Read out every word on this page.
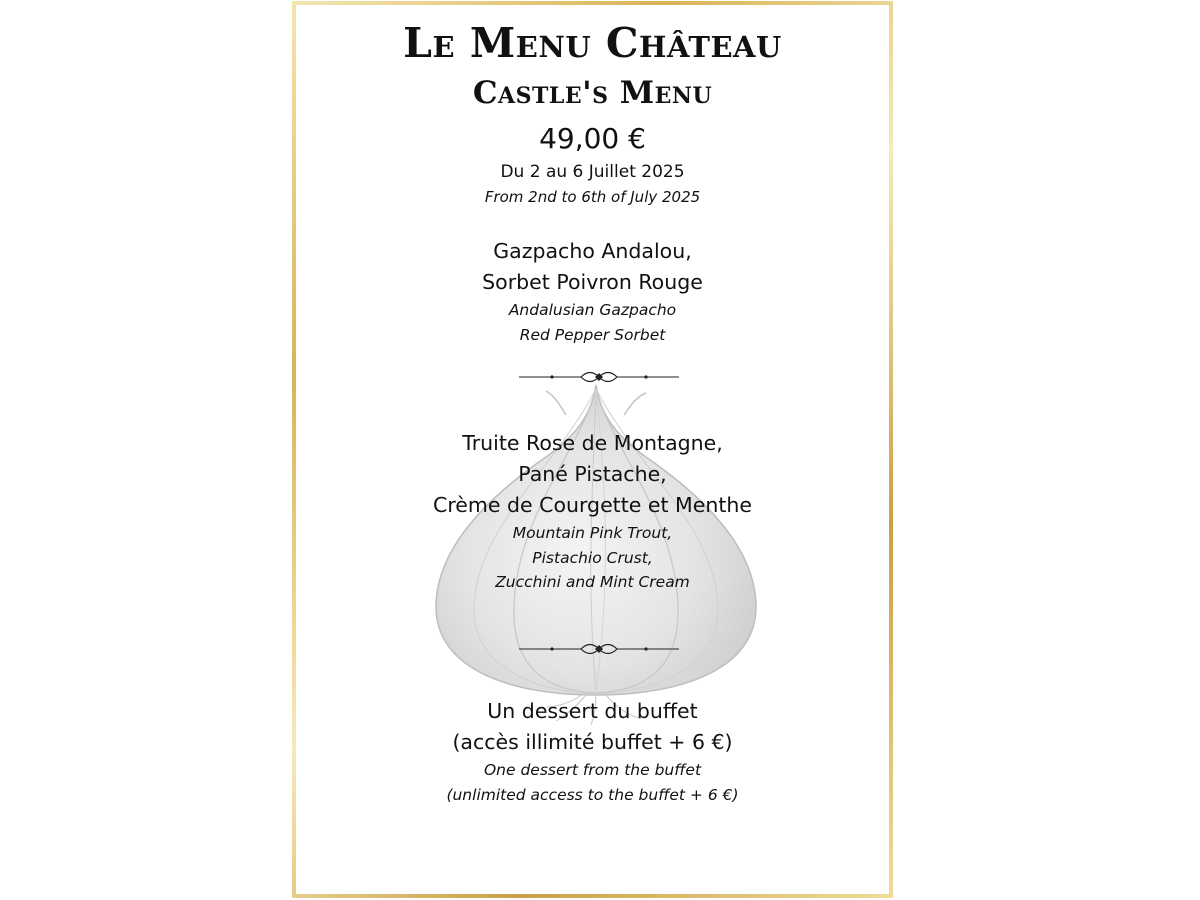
Le Menu Château
Castle's Menu
49,00 €
Du 2 au 6 Juillet 2025
From 2nd to 6th of July 2025
Gazpacho Andalou,
Sorbet Poivron Rouge
Andalusian Gazpacho
Red Pepper Sorbet
Truite Rose de Montagne,
Pané Pistache,
Crème de Courgette et Menthe
Mountain Pink Trout,
Pistachio Crust,
Zucchini and Mint Cream
Un dessert du buffet
(accès illimité buffet + 6 €)
One dessert from the buffet
(unlimited access to the buffet + 6 €)
